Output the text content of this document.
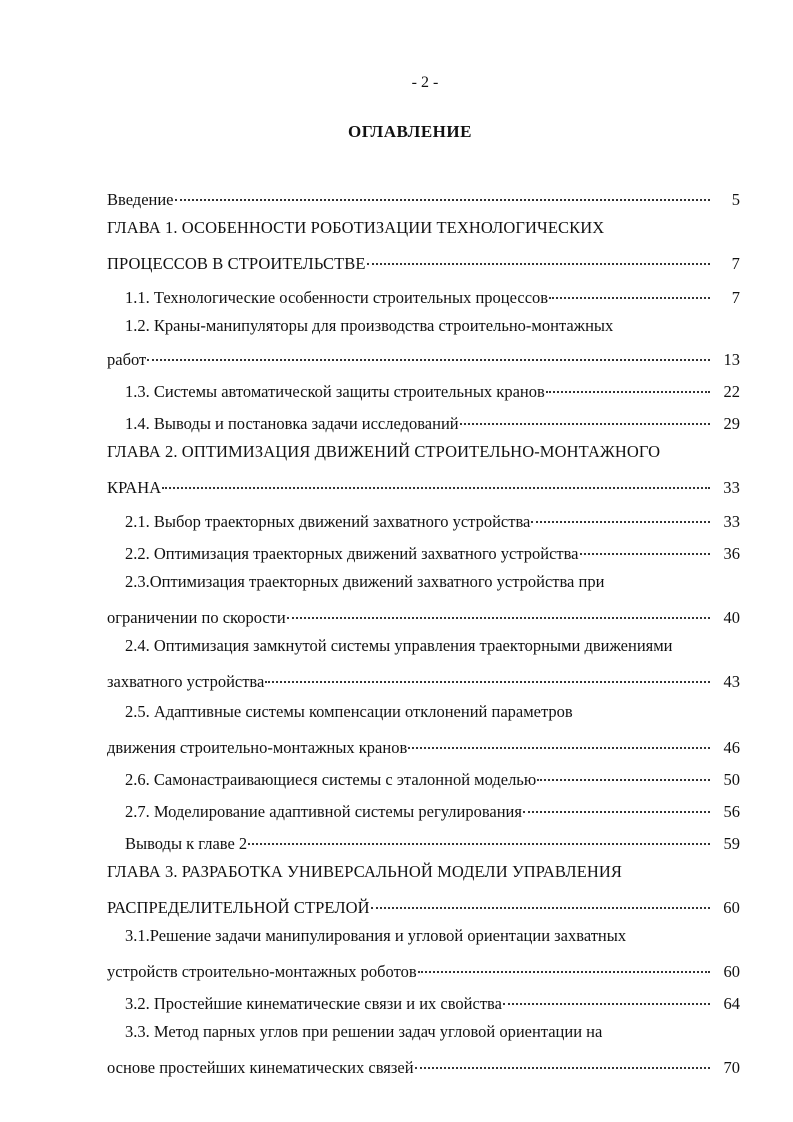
- 2 -
ОГЛАВЛЕНИЕ
Введение	5
ГЛАВА 1. ОСОБЕННОСТИ РОБОТИЗАЦИИ ТЕХНОЛОГИЧЕСКИХ
ПРОЦЕССОВ В СТРОИТЕЛЬСТВЕ	7
1.1. Технологические особенности строительных процессов	7
1.2. Краны-манипуляторы для производства строительно-монтажных
работ	13
1.3. Системы автоматической защиты строительных кранов	22
1.4. Выводы и постановка задачи исследований	29
ГЛАВА 2. ОПТИМИЗАЦИЯ ДВИЖЕНИЙ СТРОИТЕЛЬНО-МОНТАЖНОГО
КРАНА	33
2.1. Выбор траекторных движений захватного устройства	33
2.2. Оптимизация траекторных движений захватного устройства	36
2.3.Оптимизация траекторных движений захватного устройства при
ограничении по скорости	40
2.4. Оптимизация замкнутой системы управления траекторными движениями
захватного устройства	43
2.5. Адаптивные системы компенсации отклонений параметров
движения строительно-монтажных кранов	46
2.6. Самонастраивающиеся системы с эталонной моделью	50
2.7. Моделирование адаптивной системы регулирования	56
Выводы к главе 2	59
ГЛАВА 3. РАЗРАБОТКА УНИВЕРСАЛЬНОЙ МОДЕЛИ УПРАВЛЕНИЯ
РАСПРЕДЕЛИТЕЛЬНОЙ СТРЕЛОЙ	60
3.1.Решение задачи манипулирования и угловой ориентации захватных
устройств строительно-монтажных роботов	60
3.2. Простейшие кинематические связи и их свойства	64
3.3. Метод парных углов при решении задач угловой ориентации на
основе простейших кинематических связей	70
